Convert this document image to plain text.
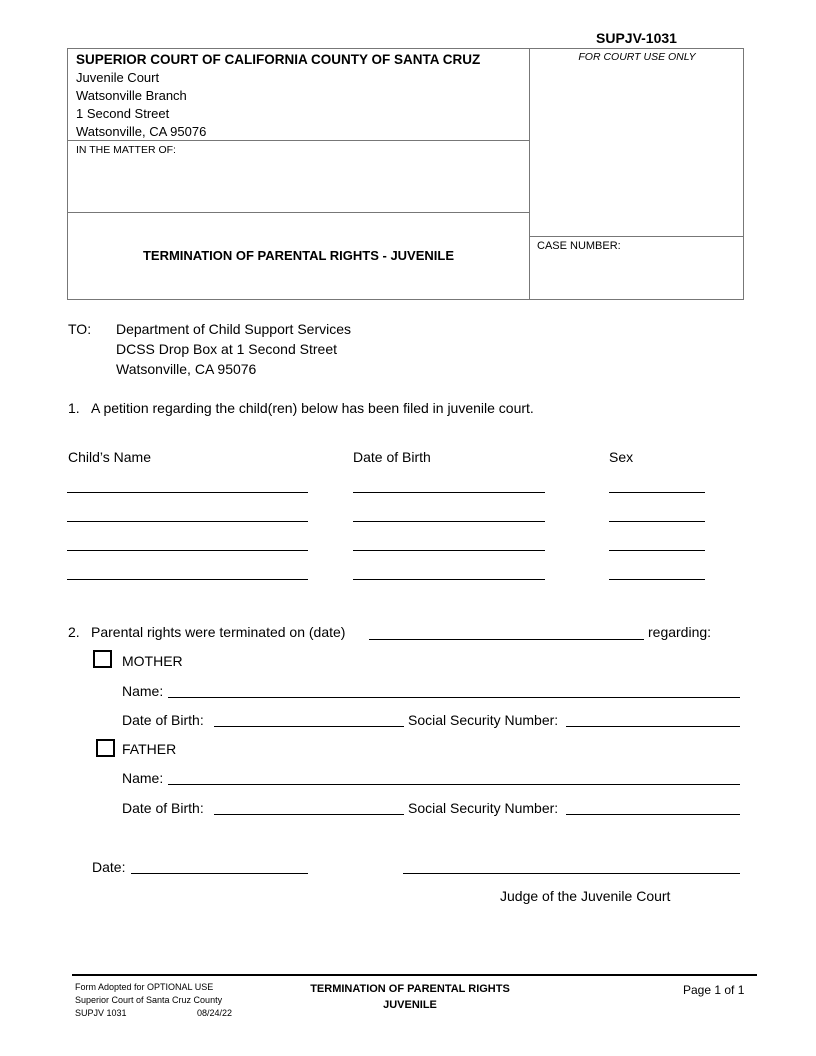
SUPJV-1031
SUPERIOR COURT OF CALIFORNIA COUNTY OF SANTA CRUZ
Juvenile Court
Watsonville Branch
1 Second Street
Watsonville, CA 95076
IN THE MATTER OF:
TERMINATION OF PARENTAL RIGHTS - JUVENILE
FOR COURT USE ONLY
CASE NUMBER:
TO: Department of Child Support Services
DCSS Drop Box at 1 Second Street
Watsonville, CA 95076
1. A petition regarding the child(ren) below has been filed in juvenile court.
Child’s Name	Date of Birth	Sex
2. Parental rights were terminated on (date)	regarding:
MOTHER
Name:
Date of Birth:	Social Security Number:
FATHER
Name:
Date of Birth:	Social Security Number:
Date:
Judge of the Juvenile Court
Form Adopted for OPTIONAL USE
Superior Court of Santa Cruz County
SUPJV 1031	08/24/22
TERMINATION OF PARENTAL RIGHTS
JUVENILE
Page 1 of 1
